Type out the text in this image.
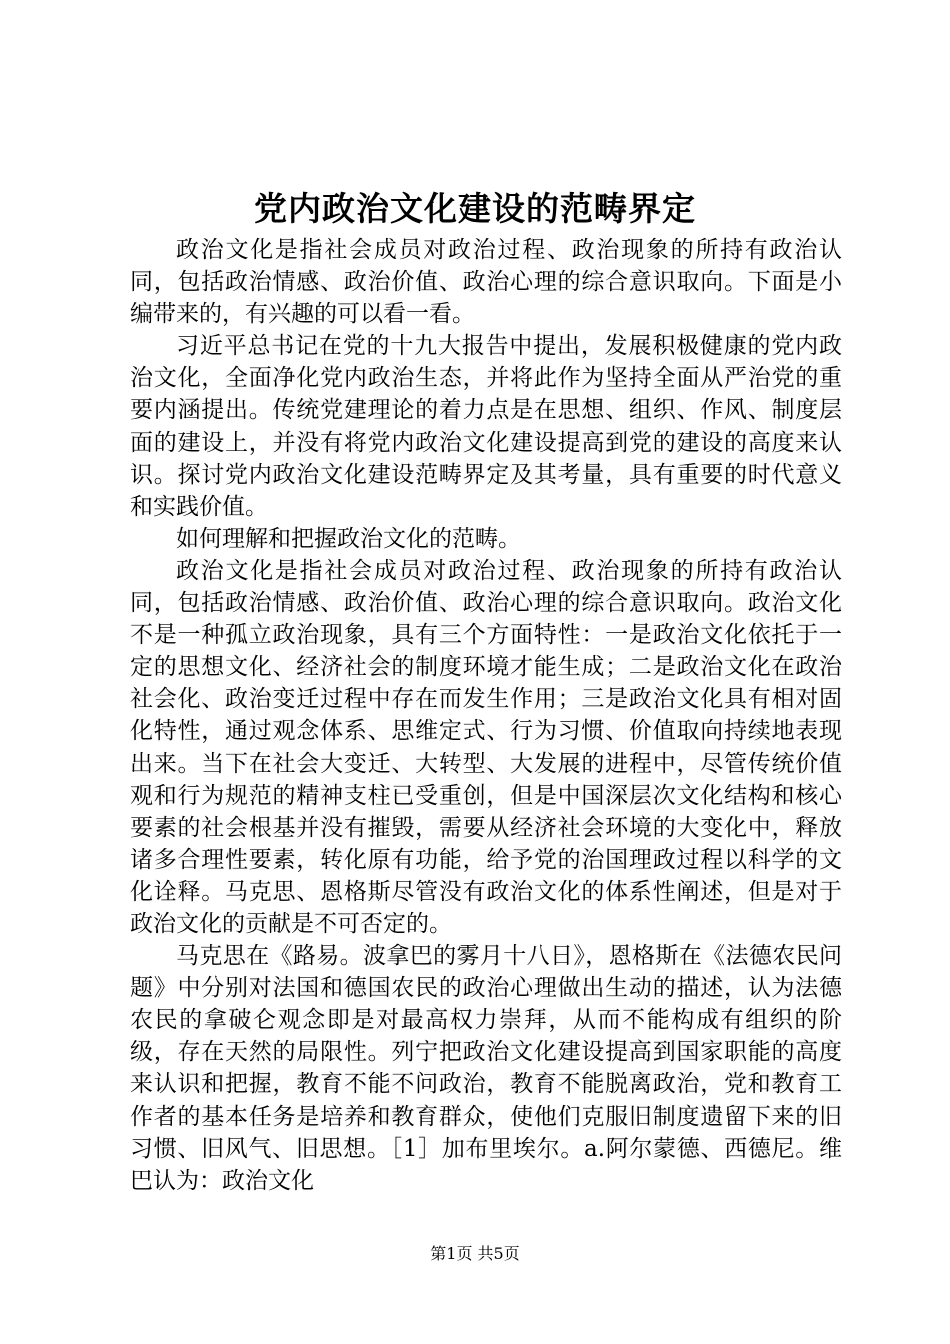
党内政治文化建设的范畴界定

政治文化是指社会成员对政治过程、政治现象的所持有政治认同，包括政治情感、政治价值、政治心理的综合意识取向。下面是小编带来的，有兴趣的可以看一看。

习近平总书记在党的十九大报告中提出，发展积极健康的党内政治文化，全面净化党内政治生态，并将此作为坚持全面从严治党的重要内涵提出。传统党建理论的着力点是在思想、组织、作风、制度层面的建设上，并没有将党内政治文化建设提高到党的建设的高度来认识。探讨党内政治文化建设范畴界定及其考量，具有重要的时代意义和实践价值。

如何理解和把握政治文化的范畴。

政治文化是指社会成员对政治过程、政治现象的所持有政治认同，包括政治情感、政治价值、政治心理的综合意识取向。政治文化不是一种孤立政治现象，具有三个方面特性：一是政治文化依托于一定的思想文化、经济社会的制度环境才能生成；二是政治文化在政治社会化、政治变迁过程中存在而发生作用；三是政治文化具有相对固化特性，通过观念体系、思维定式、行为习惯、价值取向持续地表现出来。当下在社会大变迁、大转型、大发展的进程中，尽管传统价值观和行为规范的精神支柱已受重创，但是中国深层次文化结构和核心要素的社会根基并没有摧毁，需要从经济社会环境的大变化中，释放诸多合理性要素，转化原有功能，给予党的治国理政过程以科学的文化诠释。马克思、恩格斯尽管没有政治文化的体系性阐述，但是对于政治文化的贡献是不可否定的。

马克思在《路易。波拿巴的雾月十八日》，恩格斯在《法德农民问题》中分别对法国和德国农民的政治心理做出生动的描述，认为法德农民的拿破仑观念即是对最高权力崇拜，从而不能构成有组织的阶级，存在天然的局限性。列宁把政治文化建设提高到国家职能的高度来认识和把握，教育不能不问政治，教育不能脱离政治，党和教育工作者的基本任务是培养和教育群众，使他们克服旧制度遗留下来的旧习惯、旧风气、旧思想。［1］加布里埃尔。a.阿尔蒙德、西德尼。维巴认为：政治文化

第1页 共5页
